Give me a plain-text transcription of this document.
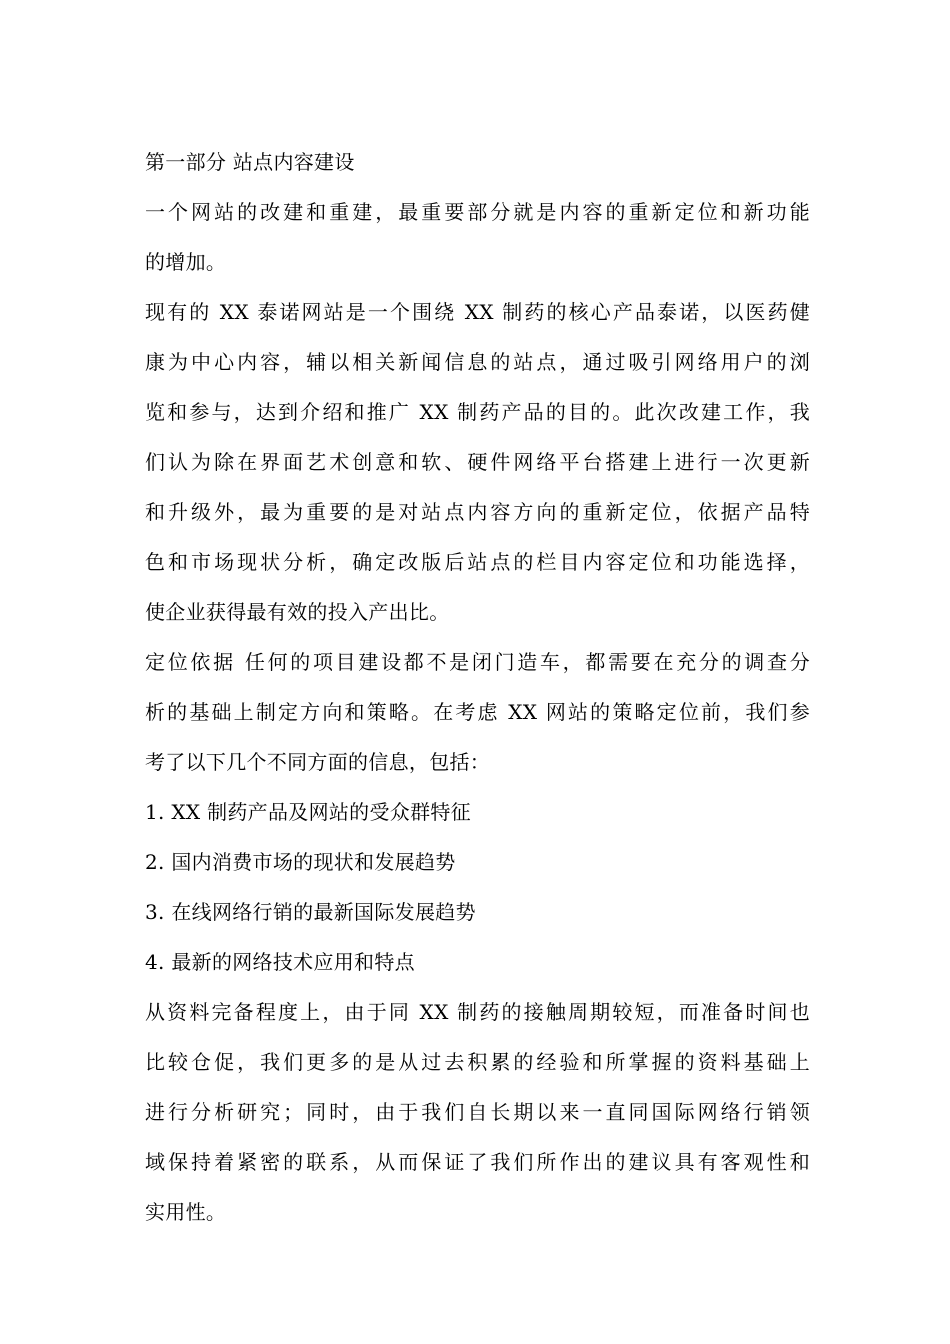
第一部分 站点内容建设
一个网站的改建和重建，最重要部分就是内容的重新定位和新功能
的增加。
现有的 XX 泰诺网站是一个围绕 XX 制药的核心产品泰诺，以医药健
康为中心内容，辅以相关新闻信息的站点，通过吸引网络用户的浏
览和参与，达到介绍和推广 XX 制药产品的目的。此次改建工作，我
们认为除在界面艺术创意和软、硬件网络平台搭建上进行一次更新
和升级外，最为重要的是对站点内容方向的重新定位，依据产品特
色和市场现状分析，确定改版后站点的栏目内容定位和功能选择，
使企业获得最有效的投入产出比。
定位依据 任何的项目建设都不是闭门造车，都需要在充分的调查分
析的基础上制定方向和策略。在考虑 XX 网站的策略定位前，我们参
考了以下几个不同方面的信息，包括：
1. XX 制药产品及网站的受众群特征
2. 国内消费市场的现状和发展趋势
3. 在线网络行销的最新国际发展趋势
4. 最新的网络技术应用和特点
从资料完备程度上，由于同 XX 制药的接触周期较短，而准备时间也
比较仓促，我们更多的是从过去积累的经验和所掌握的资料基础上
进行分析研究；同时，由于我们自长期以来一直同国际网络行销领
域保持着紧密的联系，从而保证了我们所作出的建议具有客观性和
实用性。
